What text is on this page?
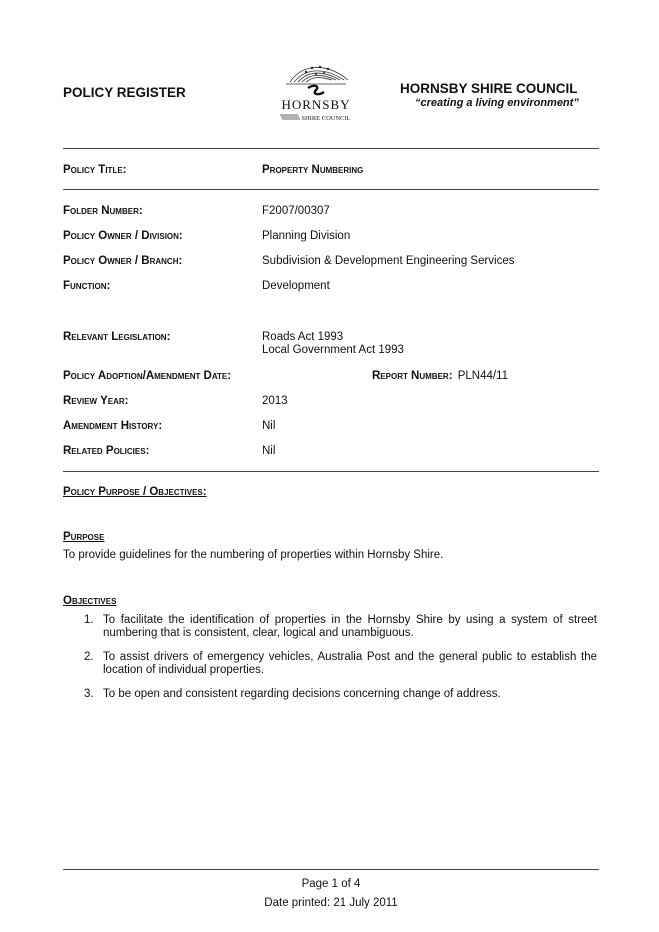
POLICY REGISTER
HORNSBY
SHIRE COUNCIL
HORNSBY SHIRE COUNCIL
“creating a living environment”
Policy Title:	Property Numbering
Folder Number:	F2007/00307
Policy Owner / Division:	Planning Division
Policy Owner / Branch:	Subdivision & Development Engineering Services
Function:	Development
Relevant Legislation:	Roads Act 1993
Local Government Act 1993
Policy Adoption/Amendment Date:	Report Number: PLN44/11
Review Year:	2013
Amendment History:	Nil
Related Policies:	Nil
Policy Purpose / Objectives:
Purpose
To provide guidelines for the numbering of properties within Hornsby Shire.
Objectives
1. To facilitate the identification of properties in the Hornsby Shire by using a system of street numbering that is consistent, clear, logical and unambiguous.
2. To assist drivers of emergency vehicles, Australia Post and the general public to establish the location of individual properties.
3. To be open and consistent regarding decisions concerning change of address.
Page 1 of 4
Date printed: 21 July 2011
